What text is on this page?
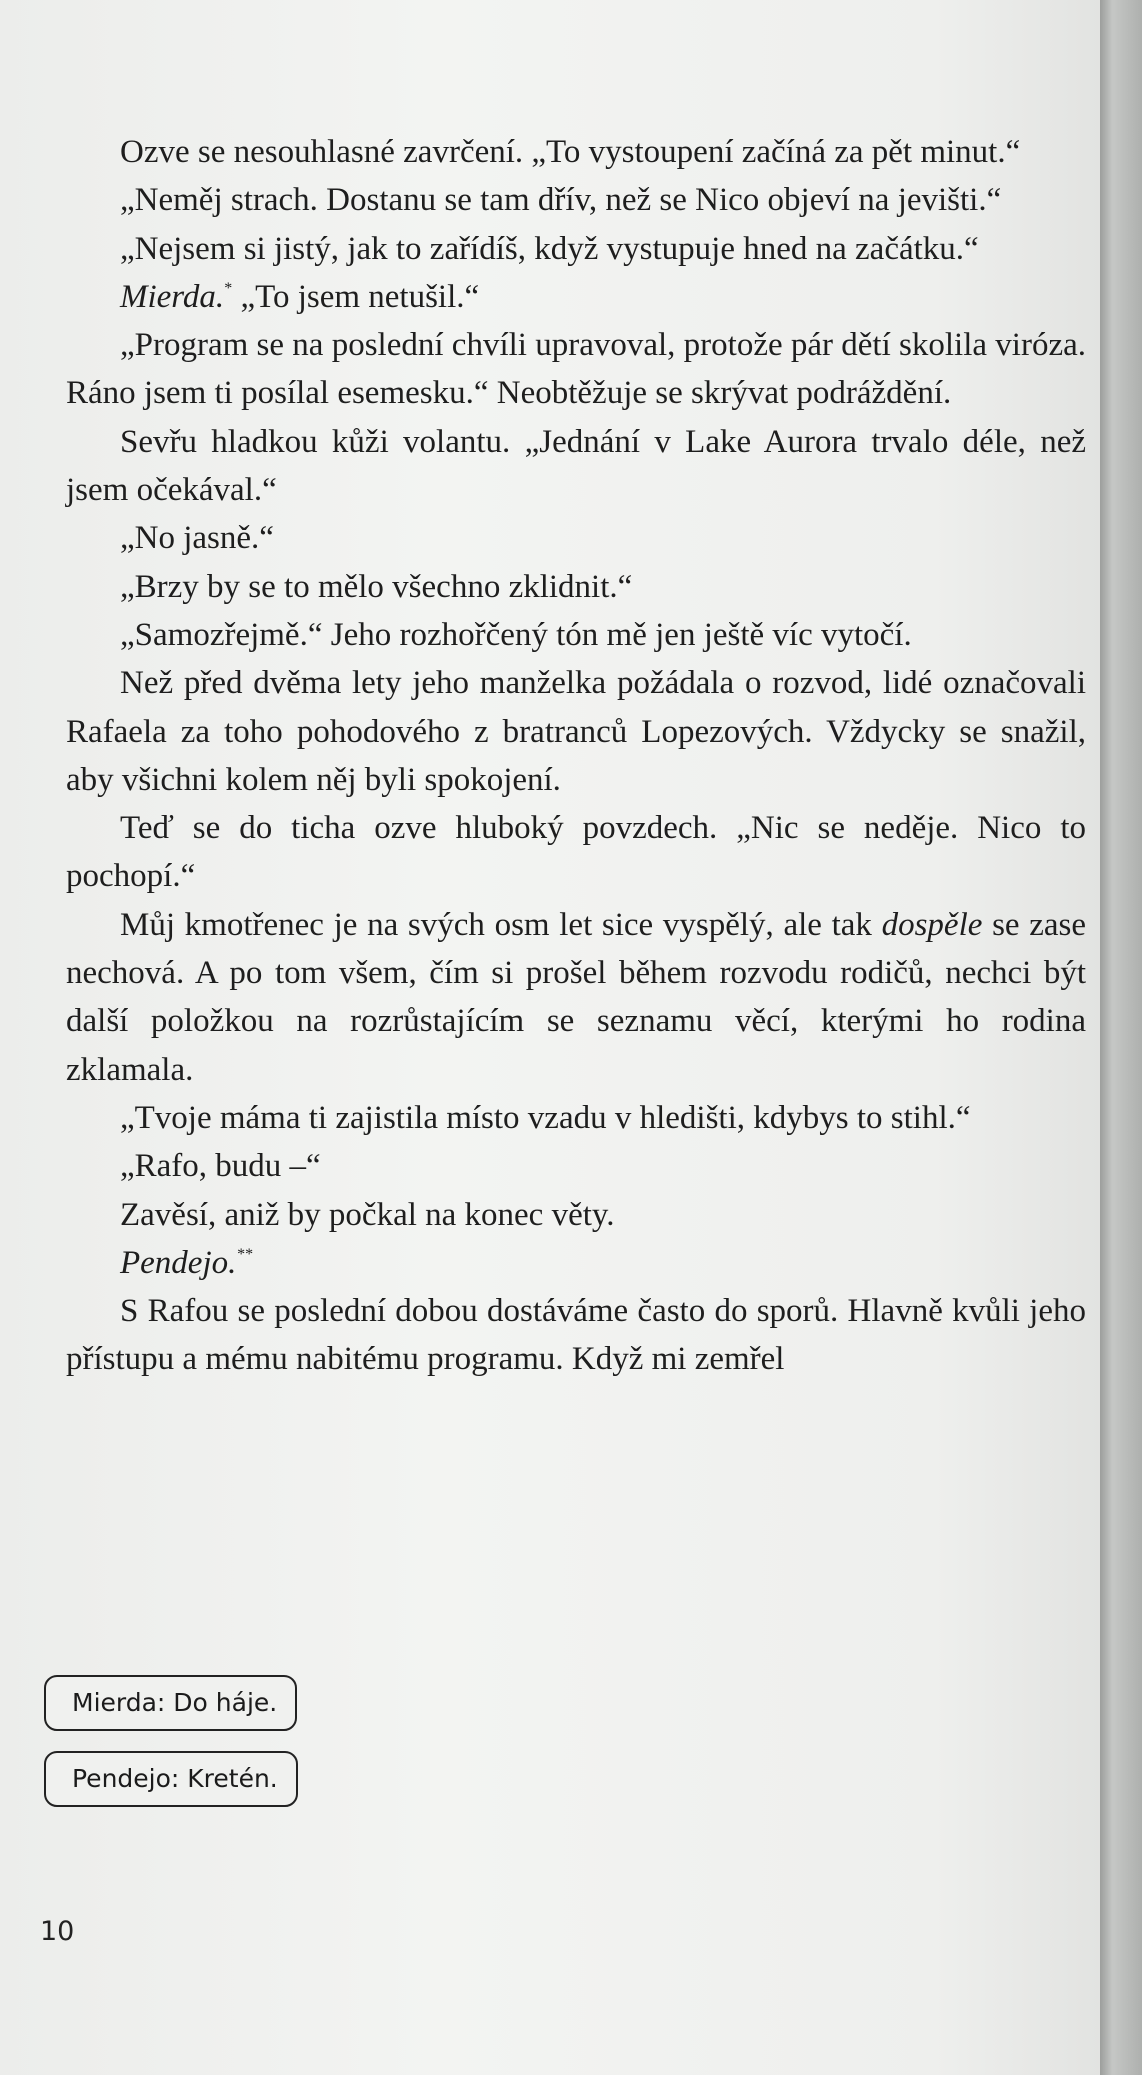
Ozve se nesouhlasné zavrčení. „To vystoupení začíná za pět minut.“

„Neměj strach. Dostanu se tam dřív, než se Nico objeví na jevišti.“

„Nejsem si jistý, jak to zařídíš, když vystupuje hned na začátku.“

Mierda.* „To jsem netušil.“

„Program se na poslední chvíli upravoval, protože pár dětí skolila viróza. Ráno jsem ti posílal esemesku.“ Neobtěžuje se skrývat podráždění.

Sevřu hladkou kůži volantu. „Jednání v Lake Aurora trvalo déle, než jsem očekával.“

„No jasně.“

„Brzy by se to mělo všechno zklidnit.“

„Samozřejmě.“ Jeho rozhořčený tón mě jen ještě víc vytočí.

Než před dvěma lety jeho manželka požádala o rozvod, lidé označovali Rafaela za toho pohodového z bratranců Lopezových. Vždycky se snažil, aby všichni kolem něj byli spokojení.

Teď se do ticha ozve hluboký povzdech. „Nic se neděje. Nico to pochopí.“

Můj kmotřenec je na svých osm let sice vyspělý, ale tak dospěle se zase nechová. A po tom všem, čím si prošel během rozvodu rodičů, nechci být další položkou na rozrůstajícím se seznamu věcí, kterými ho rodina zklamala.

„Tvoje máma ti zajistila místo vzadu v hledišti, kdybys to stihl.“

„Rafo, budu –“

Zavěsí, aniž by počkal na konec věty.

Pendejo.**

S Rafou se poslední dobou dostáváme často do sporů. Hlavně kvůli jeho přístupu a mému nabitému programu. Když mi zemřel

Mierda: Do háje.
Pendejo: Kretén.
10
